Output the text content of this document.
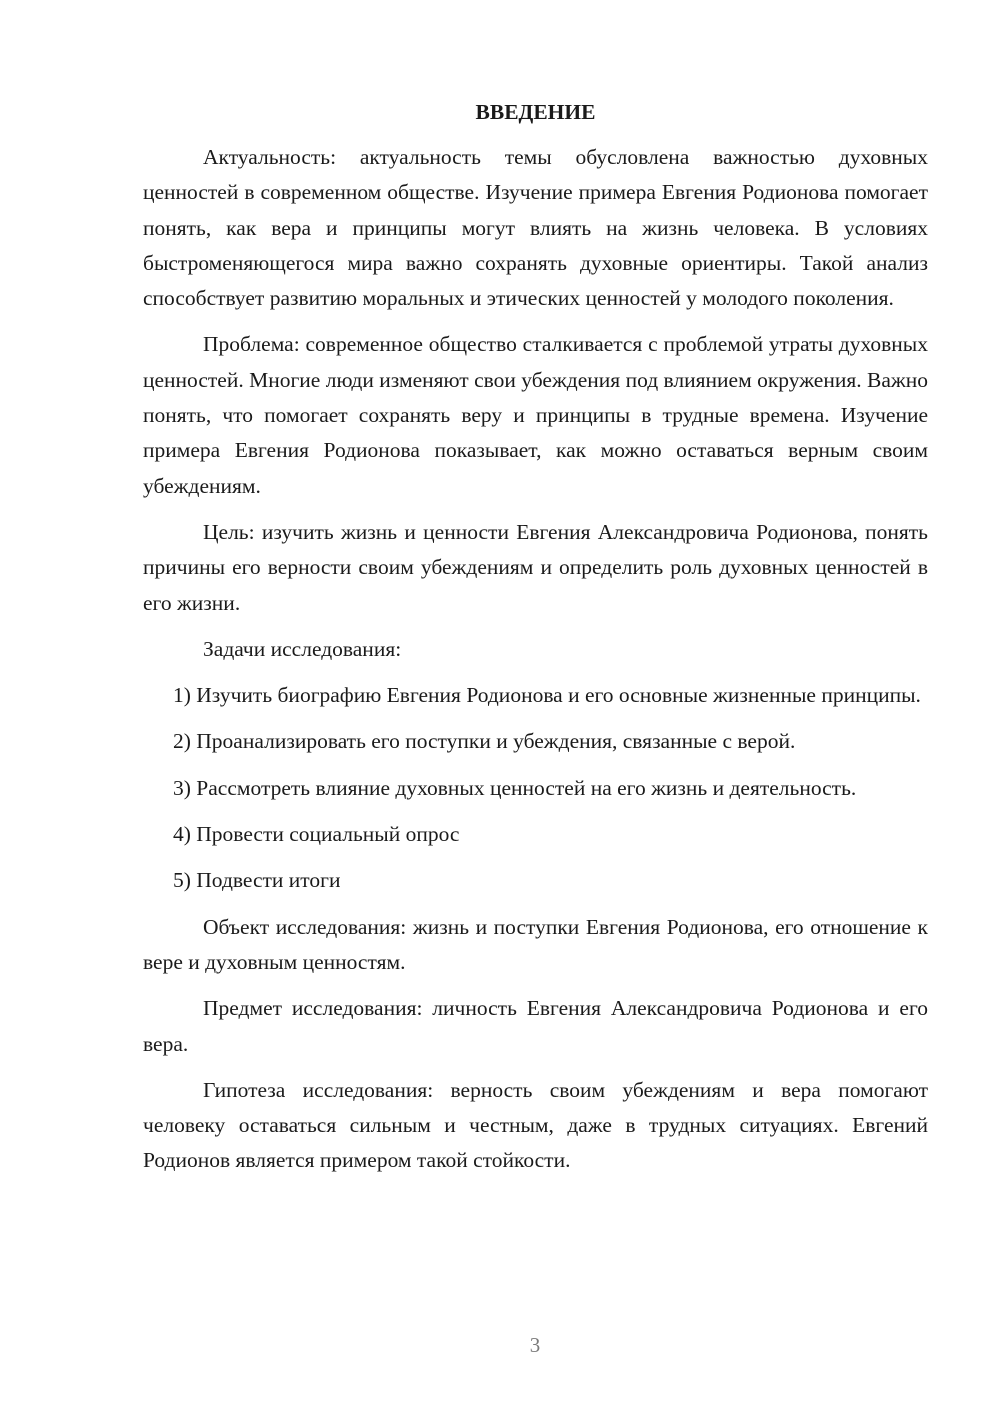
ВВЕДЕНИЕ

Актуальность: актуальность темы обусловлена важностью духовных ценностей в современном обществе. Изучение примера Евгения Родионова помогает понять, как вера и принципы могут влиять на жизнь человека. В условиях быстроменяющегося мира важно сохранять духовные ориентиры. Такой анализ способствует развитию моральных и этических ценностей у молодого поколения.

Проблема: современное общество сталкивается с проблемой утраты духовных ценностей. Многие люди изменяют свои убеждения под влиянием окружения. Важно понять, что помогает сохранять веру и принципы в трудные времена. Изучение примера Евгения Родионова показывает, как можно оставаться верным своим убеждениям.

Цель: изучить жизнь и ценности Евгения Александровича Родионова, понять причины его верности своим убеждениям и определить роль духовных ценностей в его жизни.

Задачи исследования:

1) Изучить биографию Евгения Родионова и его основные жизненные принципы.

2) Проанализировать его поступки и убеждения, связанные с верой.

3) Рассмотреть влияние духовных ценностей на его жизнь и деятельность.

4) Провести социальный опрос

5) Подвести итоги

Объект исследования: жизнь и поступки Евгения Родионова, его отношение к вере и духовным ценностям.

Предмет исследования: личность Евгения Александровича Родионова и его вера.

Гипотеза исследования: верность своим убеждениям и вера помогают человеку оставаться сильным и честным, даже в трудных ситуациях. Евгений Родионов является примером такой стойкости.

3
